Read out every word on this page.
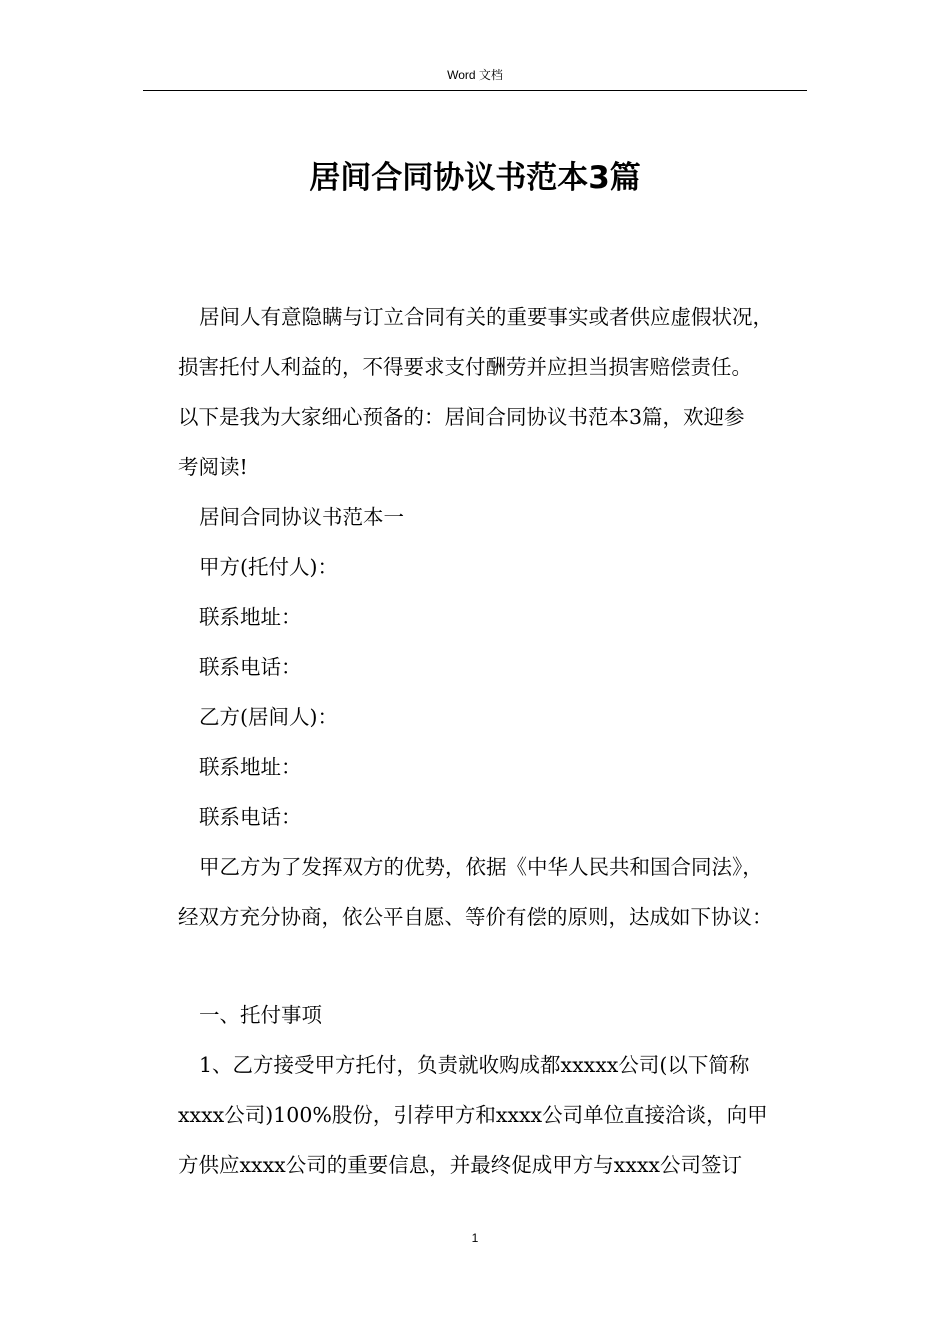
Word 文档
居间合同协议书范本3篇
居间人有意隐瞒与订立合同有关的重要事实或者供应虚假状况，
损害托付人利益的，不得要求支付酬劳并应担当损害赔偿责任。
以下是我为大家细心预备的：居间合同协议书范本3篇，欢迎参
考阅读!
居间合同协议书范本一
甲方(托付人)：
联系地址：
联系电话：
乙方(居间人)：
联系地址：
联系电话：
甲乙方为了发挥双方的优势，依据《中华人民共和国合同法》，
经双方充分协商，依公平自愿、等价有偿的原则，达成如下协议：
一、托付事项
1、乙方接受甲方托付，负责就收购成都xxxxx公司(以下简称
xxxx公司)100%股份，引荐甲方和xxxx公司单位直接洽谈，向甲
方供应xxxx公司的重要信息，并最终促成甲方与xxxx公司签订
1
